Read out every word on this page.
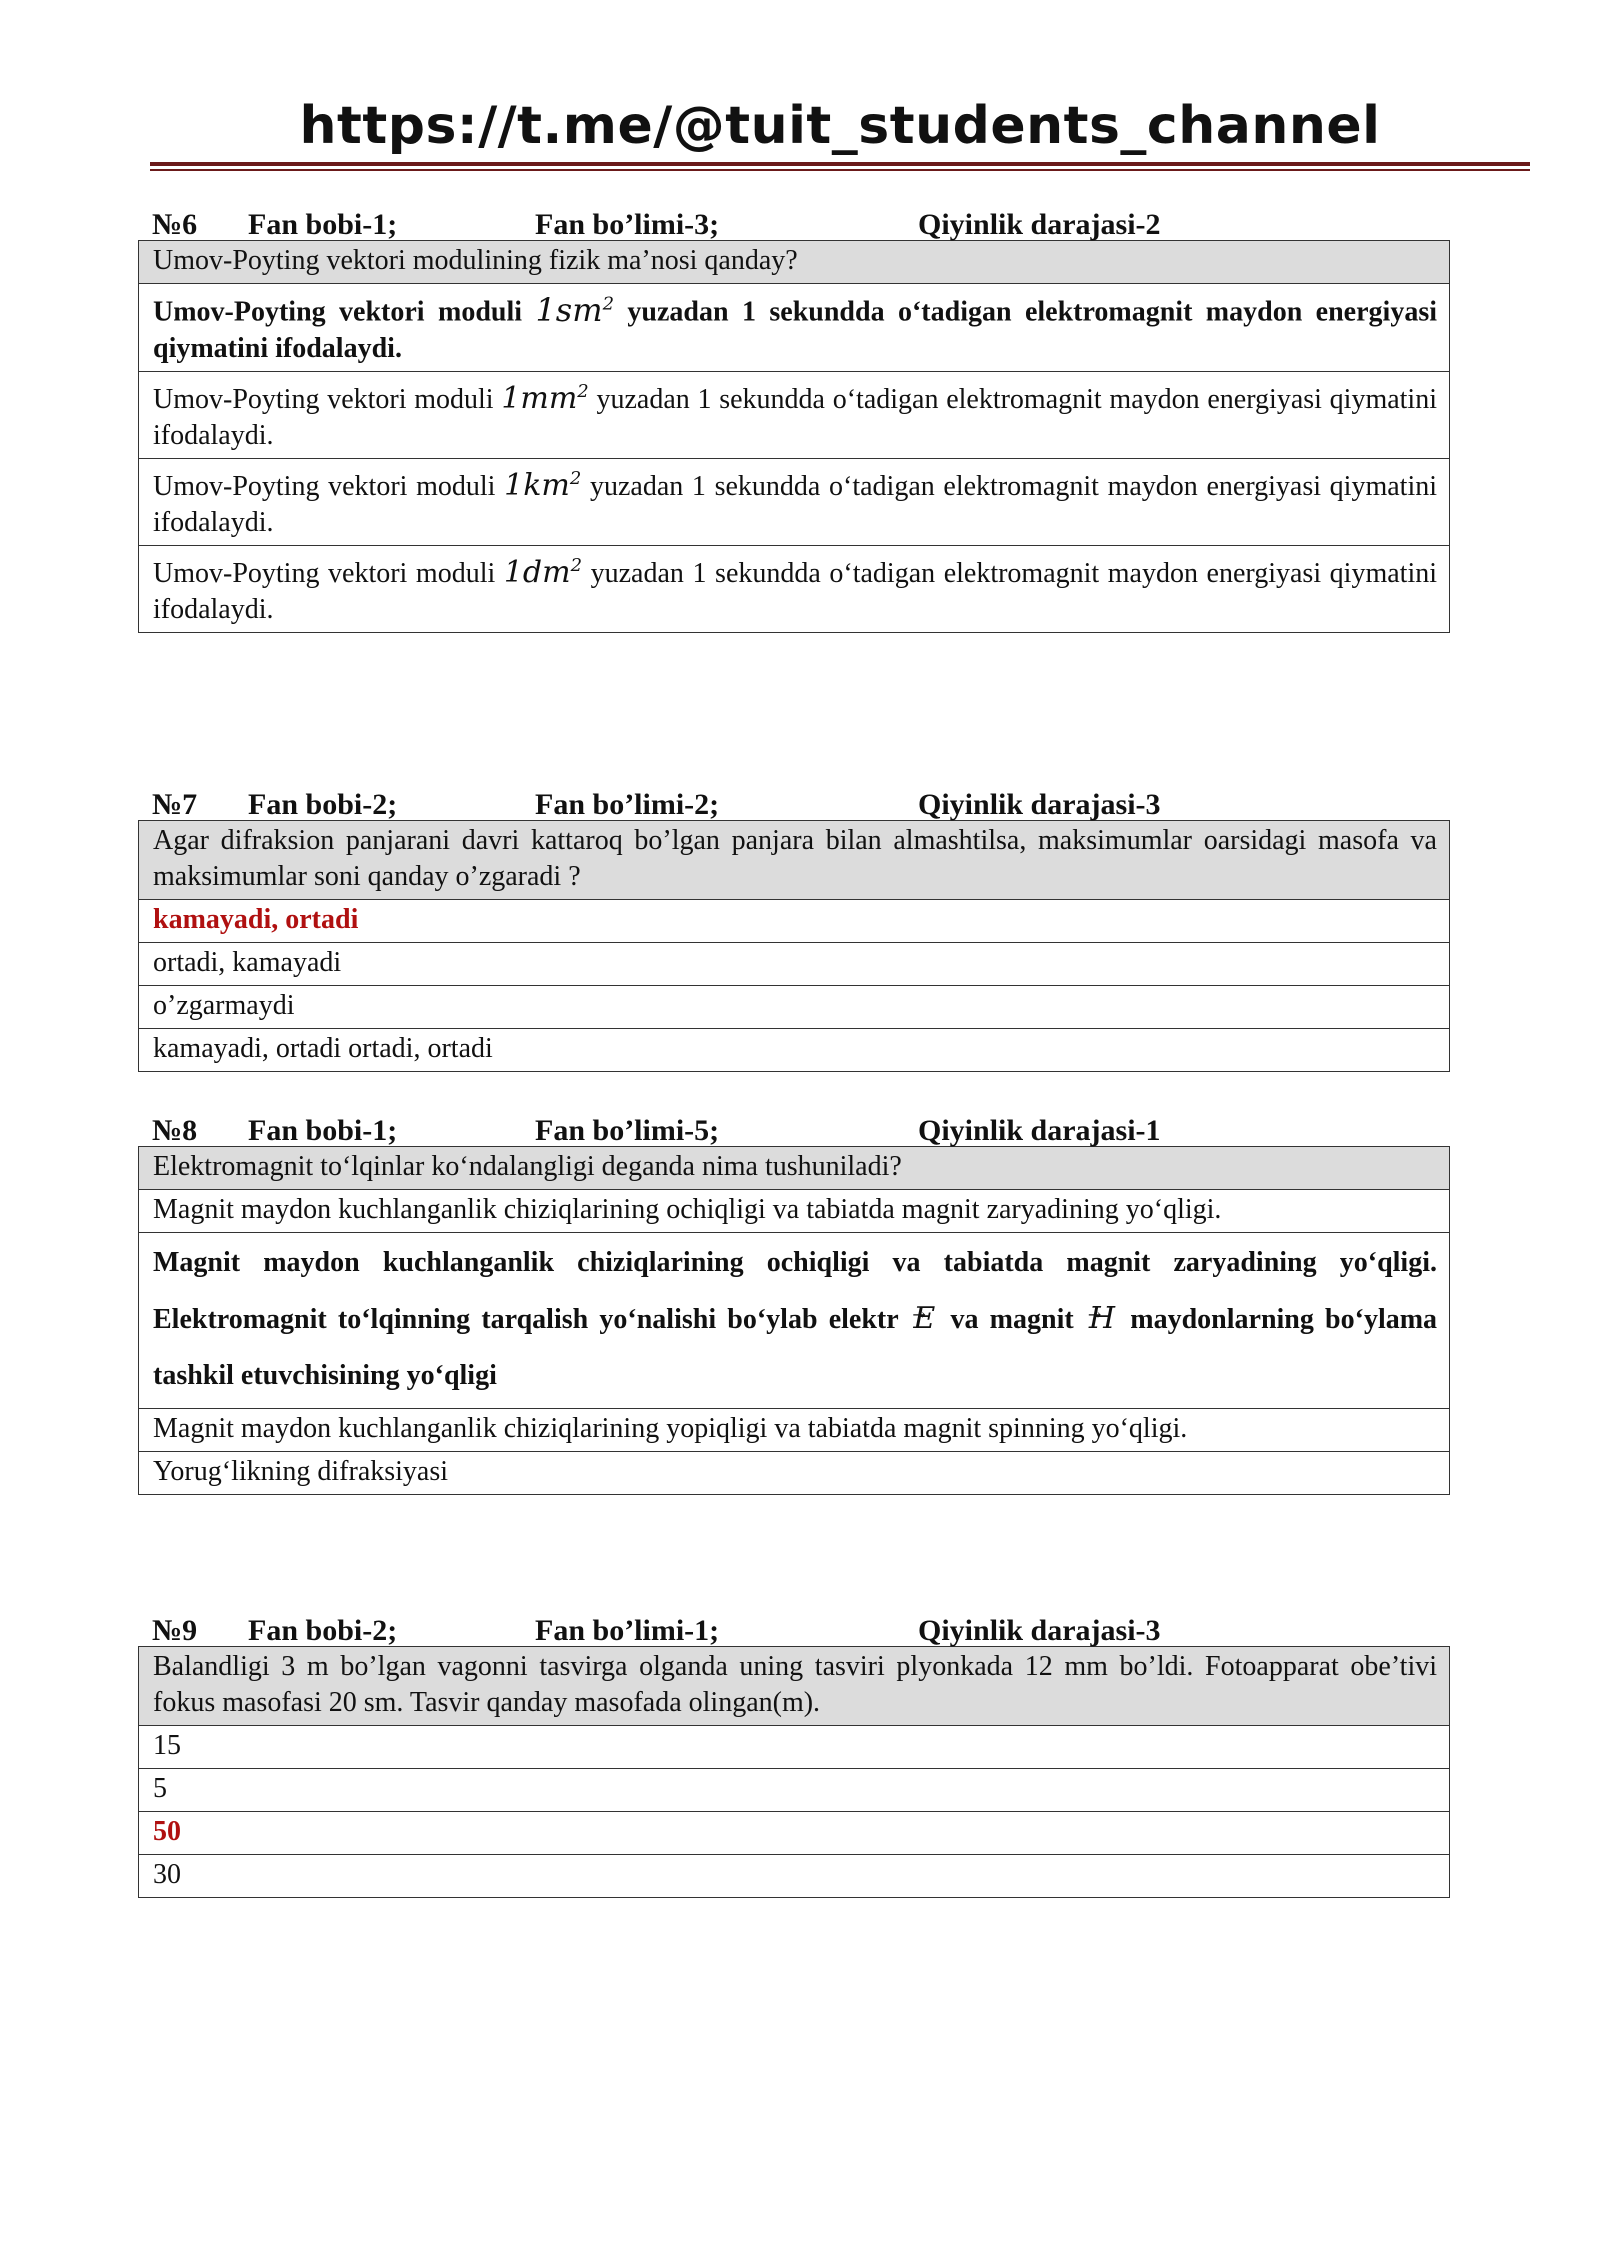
https://t.me/@tuit_students_channel
№6 Fan bobi-1;	Fan bo’limi-3;	Qiyinlik darajasi-2
Umov-Poyting vektori modulining fizik ma’nosi qanday?
Umov-Poyting vektori moduli $1sm^2$ yuzadan 1 sekundda o‘tadigan elektromagnit maydon energiyasi qiymatini ifodalaydi.
Umov-Poyting vektori moduli $1mm^2$ yuzadan 1 sekundda o‘tadigan elektromagnit maydon energiyasi qiymatini ifodalaydi.
Umov-Poyting vektori moduli $1km^2$ yuzadan 1 sekundda o‘tadigan elektromagnit maydon energiyasi qiymatini ifodalaydi.
Umov-Poyting vektori moduli $1dm^2$ yuzadan 1 sekundda o‘tadigan elektromagnit maydon energiyasi qiymatini ifodalaydi.
№7 Fan bobi-2;	Fan bo’limi-2;	Qiyinlik darajasi-3
Agar difraksion panjarani davri kattaroq bo’lgan panjara bilan almashtilsa, maksimumlar oarsidagi masofa va maksimumlar soni qanday o’zgaradi ?
kamayadi, ortadi
ortadi, kamayadi
o’zgarmaydi
kamayadi, ortadi ortadi, ortadi
№8 Fan bobi-1;	Fan bo’limi-5;	Qiyinlik darajasi-1
Elektromagnit to‘lqinlar ko‘ndalangligi deganda nima tushuniladi?
Magnit maydon kuchlanganlik chiziqlarining ochiqligi va tabiatda magnit zaryadining yo‘qligi.
Magnit maydon kuchlanganlik chiziqlarining ochiqligi va tabiatda magnit zaryadining yo‘qligi. Elektromagnit to‘lqinning tarqalish yo‘nalishi bo‘ylab elektr → E va magnit → H maydonlarning bo‘ylama tashkil etuvchisining yo‘qligi
Magnit maydon kuchlanganlik chiziqlarining yopiqligi va tabiatda magnit spinning yo‘qligi.
Yorug‘likning difraksiyasi
№9 Fan bobi-2;	Fan bo’limi-1;	Qiyinlik darajasi-3
Balandligi 3 m bo’lgan vagonni tasvirga olganda uning tasviri plyonkada 12 mm bo’ldi. Fotoapparat obe’tivi fokus masofasi 20 sm. Tasvir qanday masofada olingan(m).
15
5
50
30
